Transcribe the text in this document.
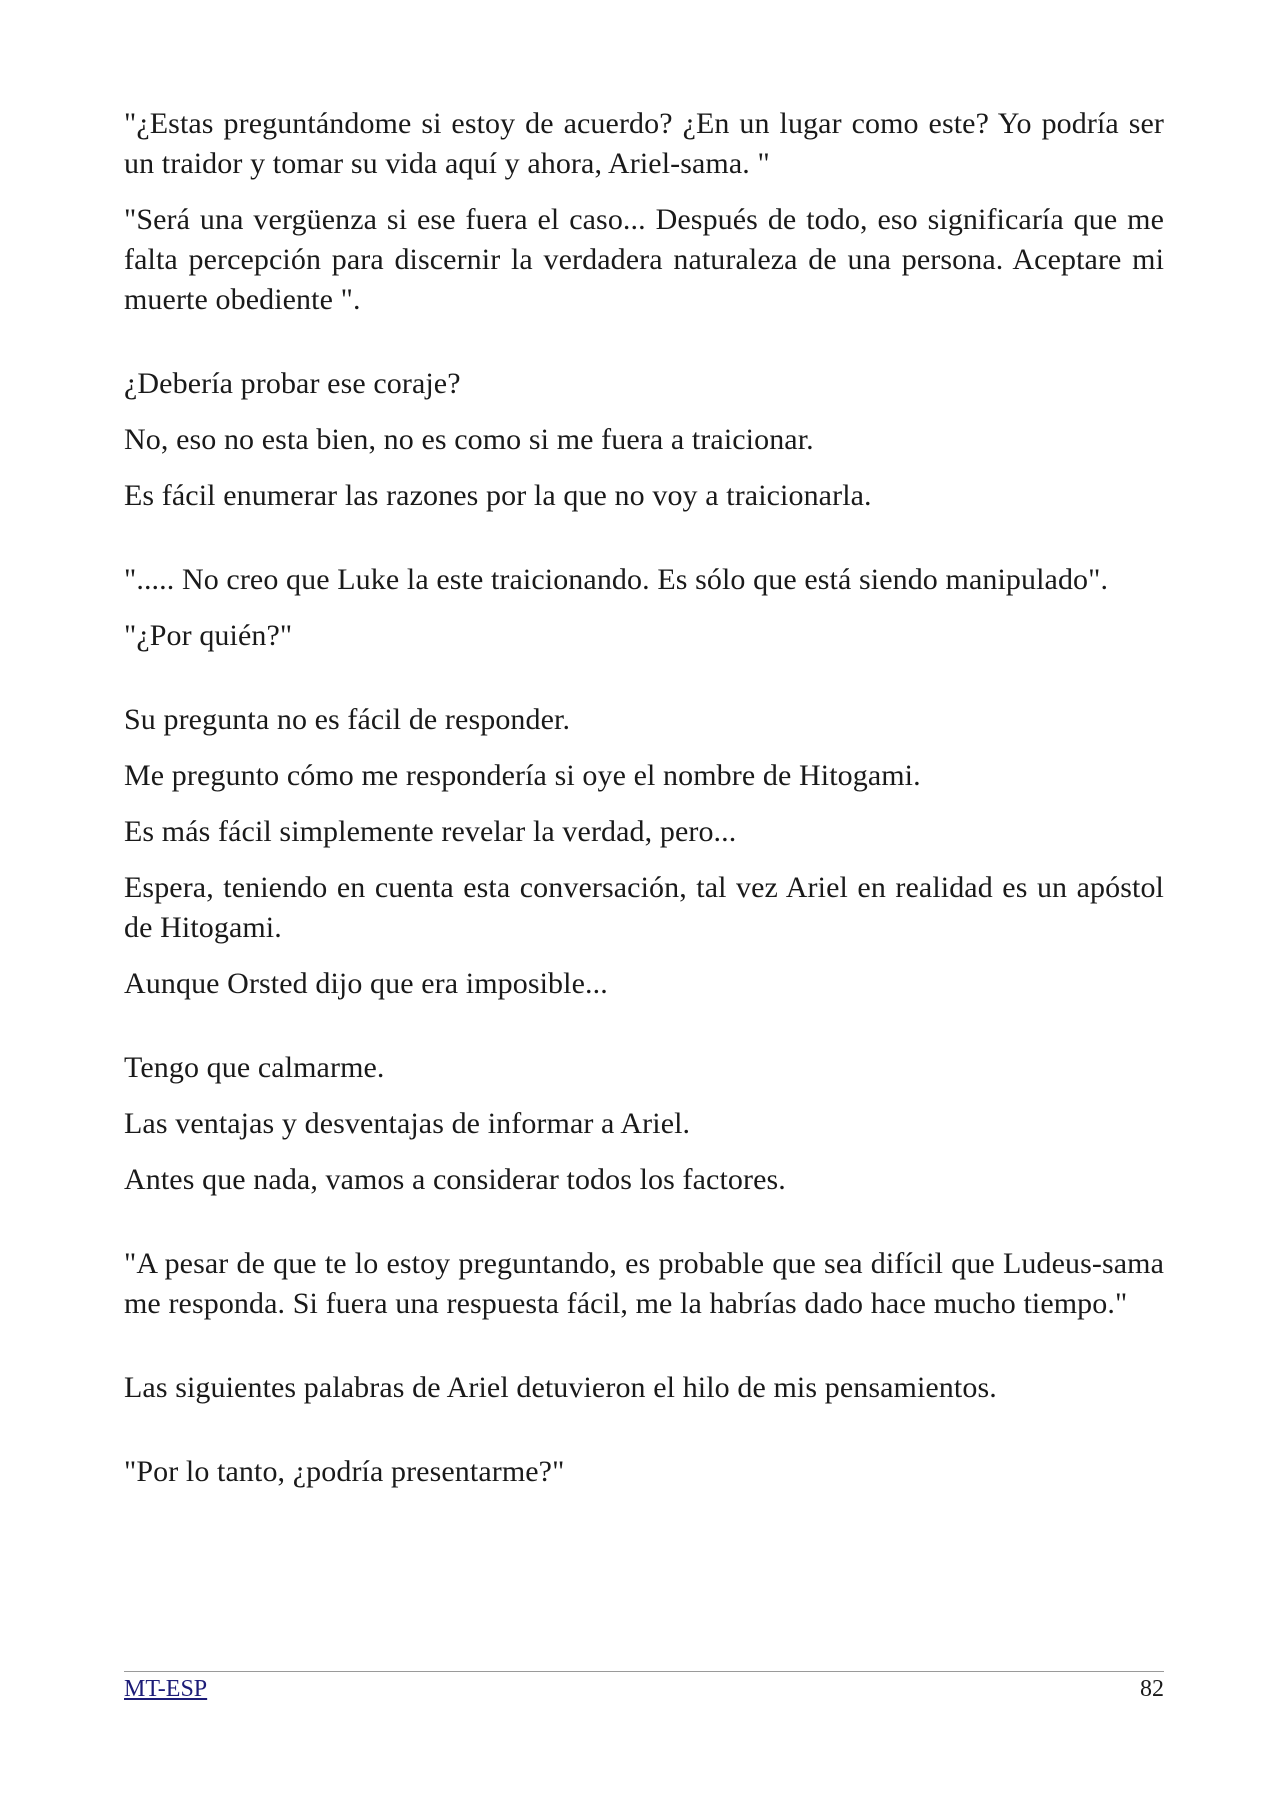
"¿Estas preguntándome si estoy de acuerdo? ¿En un lugar como este? Yo podría ser un traidor y tomar su vida aquí y ahora, Ariel-sama. "

"Será una vergüenza si ese fuera el caso... Después de todo, eso significaría que me falta percepción para discernir la verdadera naturaleza de una persona. Aceptare mi muerte obediente ".

¿Debería probar ese coraje?

No, eso no esta bien, no es como si me fuera a traicionar.

Es fácil enumerar las razones por la que no voy a traicionarla.

"..... No creo que Luke la este traicionando. Es sólo que está siendo manipulado".

"¿Por quién?"

Su pregunta no es fácil de responder.

Me pregunto cómo me respondería si oye el nombre de Hitogami.

Es más fácil simplemente revelar la verdad, pero...

Espera, teniendo en cuenta esta conversación, tal vez Ariel en realidad es un apóstol de Hitogami.

Aunque Orsted dijo que era imposible...

Tengo que calmarme.

Las ventajas y desventajas de informar a Ariel.

Antes que nada, vamos a considerar todos los factores.

"A pesar de que te lo estoy preguntando, es probable que sea difícil que Ludeus-sama me responda. Si fuera una respuesta fácil, me la habrías dado hace mucho tiempo."

Las siguientes palabras de Ariel detuvieron el hilo de mis pensamientos.

"Por lo tanto, ¿podría presentarme?"

MT-ESP	82
